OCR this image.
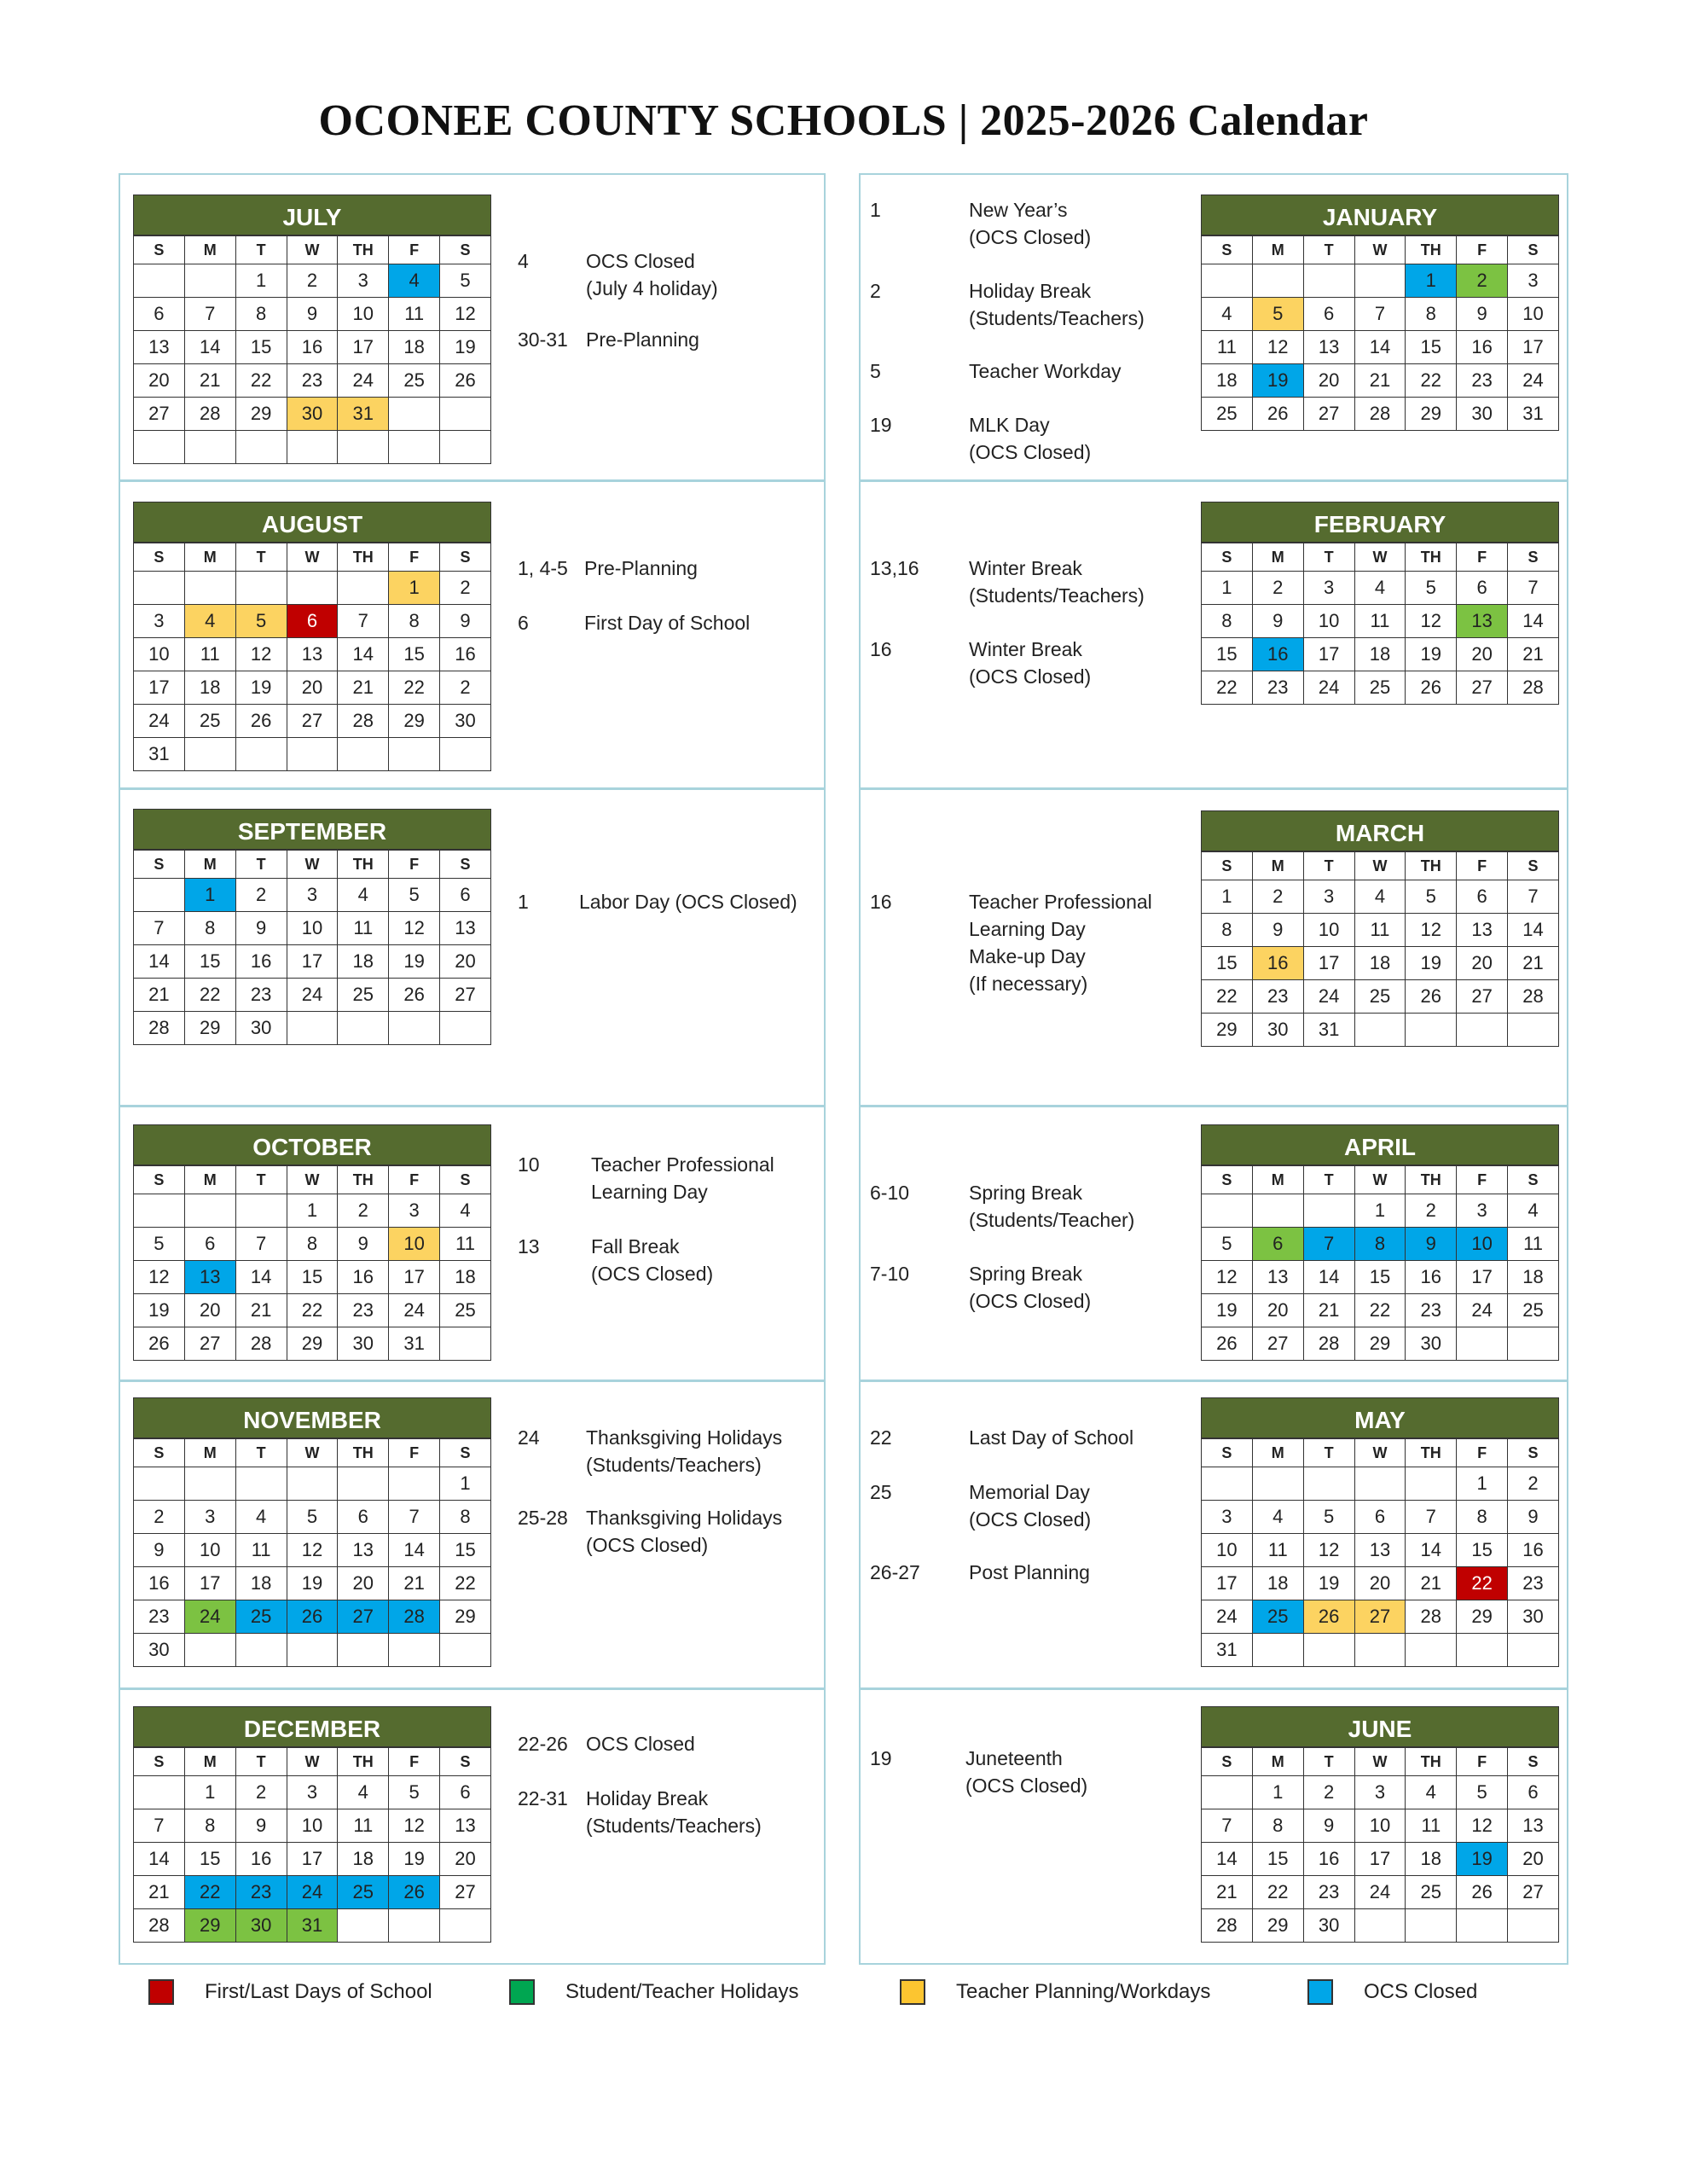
OCONEE COUNTY SCHOOLS | 2025-2026 Calendar
JULY
S	M	T	W	TH	F	S
		1	2	3	4	5
6	7	8	9	10	11	12
13	14	15	16	17	18	19
20	21	22	23	24	25	26
27	28	29	30	31		

AUGUST
S	M	T	W	TH	F	S
					1	2
3	4	5	6	7	8	9
10	11	12	13	14	15	16
17	18	19	20	21	22	2
24	25	26	27	28	29	30
31						
SEPTEMBER
S	M	T	W	TH	F	S
	1	2	3	4	5	6
7	8	9	10	11	12	13
14	15	16	17	18	19	20
21	22	23	24	25	26	27
28	29	30				
OCTOBER
S	M	T	W	TH	F	S
			1	2	3	4
5	6	7	8	9	10	11
12	13	14	15	16	17	18
19	20	21	22	23	24	25
26	27	28	29	30	31	
NOVEMBER
S	M	T	W	TH	F	S
						1
2	3	4	5	6	7	8
9	10	11	12	13	14	15
16	17	18	19	20	21	22
23	24	25	26	27	28	29
30						
DECEMBER
S	M	T	W	TH	F	S
	1	2	3	4	5	6
7	8	9	10	11	12	13
14	15	16	17	18	19	20
21	22	23	24	25	26	27
28	29	30	31			
JANUARY
S	M	T	W	TH	F	S
				1	2	3
4	5	6	7	8	9	10
11	12	13	14	15	16	17
18	19	20	21	22	23	24
25	26	27	28	29	30	31
FEBRUARY
S	M	T	W	TH	F	S
1	2	3	4	5	6	7
8	9	10	11	12	13	14
15	16	17	18	19	20	21
22	23	24	25	26	27	28
MARCH
S	M	T	W	TH	F	S
1	2	3	4	5	6	7
8	9	10	11	12	13	14
15	16	17	18	19	20	21
22	23	24	25	26	27	28
29	30	31				
APRIL
S	M	T	W	TH	F	S
			1	2	3	4
5	6	7	8	9	10	11
12	13	14	15	16	17	18
19	20	21	22	23	24	25
26	27	28	29	30		
MAY
S	M	T	W	TH	F	S
					1	2
3	4	5	6	7	8	9
10	11	12	13	14	15	16
17	18	19	20	21	22	23
24	25	26	27	28	29	30
31						
JUNE
S	M	T	W	TH	F	S
	1	2	3	4	5	6
7	8	9	10	11	12	13
14	15	16	17	18	19	20
21	22	23	24	25	26	27
28	29	30				
4	OCS Closed
(July 4 holiday)
30-31 Pre-Planning
1, 4-5 Pre-Planning
6	First Day of School
1	Labor Day (OCS Closed)
10	Teacher Professional
Learning Day
13	Fall Break
(OCS Closed)
24 Thanksgiving Holidays
(Students/Teachers)
25-28 Thanksgiving Holidays
(OCS Closed)
22-26 OCS Closed
22-31 Holiday Break
(Students/Teachers)
1	New Year’s
(OCS Closed)
2	Holiday Break
(Students/Teachers)
5	Teacher Workday
19	MLK Day
(OCS Closed)
13,16	Winter Break
(Students/Teachers)
16	Winter Break
(OCS Closed)
16	Teacher Professional
Learning Day
Make-up Day
(If necessary)
6-10	Spring Break
(Students/Teacher)
7-10	Spring Break
(OCS Closed)
22	Last Day of School
25	Memorial Day
(OCS Closed)
26-27 Post Planning
19	Juneteenth
(OCS Closed)
First/Last Days of School	Student/Teacher Holidays	Teacher Planning/Workdays	OCS Closed
